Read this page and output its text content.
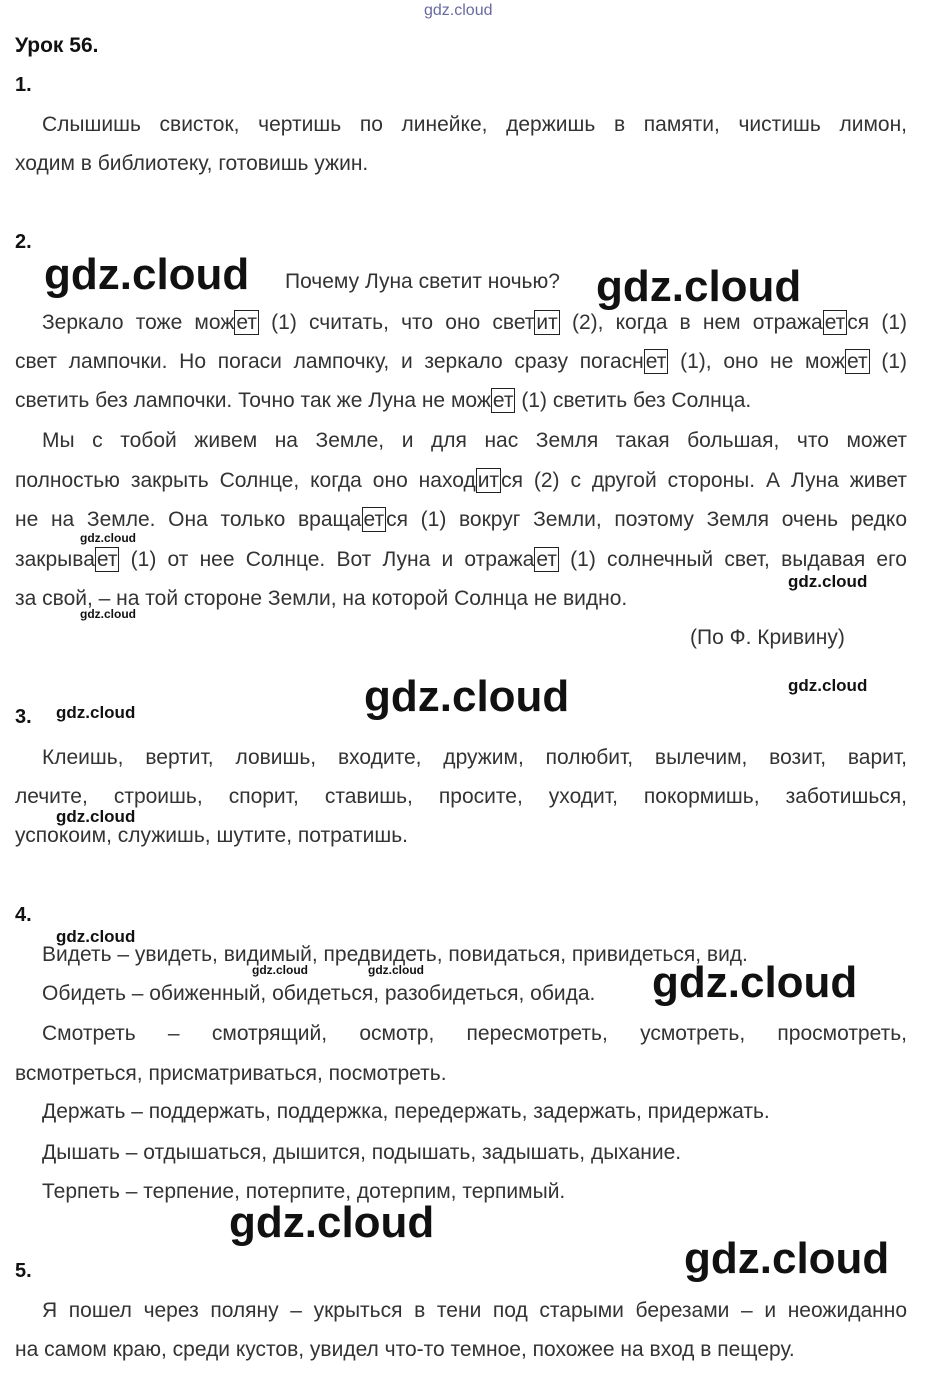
gdz.cloud
Урок 56.
1.
Слышишь свисток, чертишь по линейке, держишь в памяти, чистишь лимон,
ходим в библиотеку, готовишь ужин.
2.
gdz.cloud Почему Луна светит ночью? gdz.cloud
Зеркало тоже может (1) считать, что оно светит (2), когда в нем отражается (1)
свет лампочки. Но погаси лампочку, и зеркало сразу погаснет (1), оно не может (1)
светить без лампочки. Точно так же Луна не может (1) светить без Солнца.
Мы с тобой живем на Земле, и для нас Земля такая большая, что может
полностью закрыть Солнце, когда оно находится (2) с другой стороны. А Луна живет
не на Земле. Она только вращается (1) вокруг Земли, поэтому Земля очень редко
gdz.cloud
закрывает (1) от нее Солнце. Вот Луна и отражает (1) солнечный свет, выдавая его
gdz.cloud
за свой, – на той стороне Земли, на которой Солнца не видно.
gdz.cloud
(По Ф. Кривину)
gdz.cloud	gdz.cloud
3. gdz.cloud
Клеишь, вертит, ловишь, входите, дружим, полюбит, вылечим, возит, варит,
лечите, строишь, спорит, ставишь, просите, уходит, покормишь, заботишься,
gdz.cloud
успокоим, служишь, шутите, потратишь.
4.
gdz.cloud
Видеть – увидеть, видимый, предвидеть, повидаться, привидеться, вид.
gdz.cloud	gdz.cloud
Обидеть – обиженный, обидеться, разобидеться, обида.	gdz.cloud
Смотреть – смотрящий, осмотр, пересмотреть, усмотреть, просмотреть,
всмотреться, присматриваться, посмотреть.
Держать – поддержать, поддержка, передержать, задержать, придержать.
Дышать – отдышаться, дышится, подышать, задышать, дыхание.
Терпеть – терпение, потерпите, дотерпим, терпимый.
gdz.cloud
gdz.cloud
5.
Я пошел через поляну – укрыться в тени под старыми березами – и неожиданно
на самом краю, среди кустов, увидел что-то темное, похожее на вход в пещеру.
